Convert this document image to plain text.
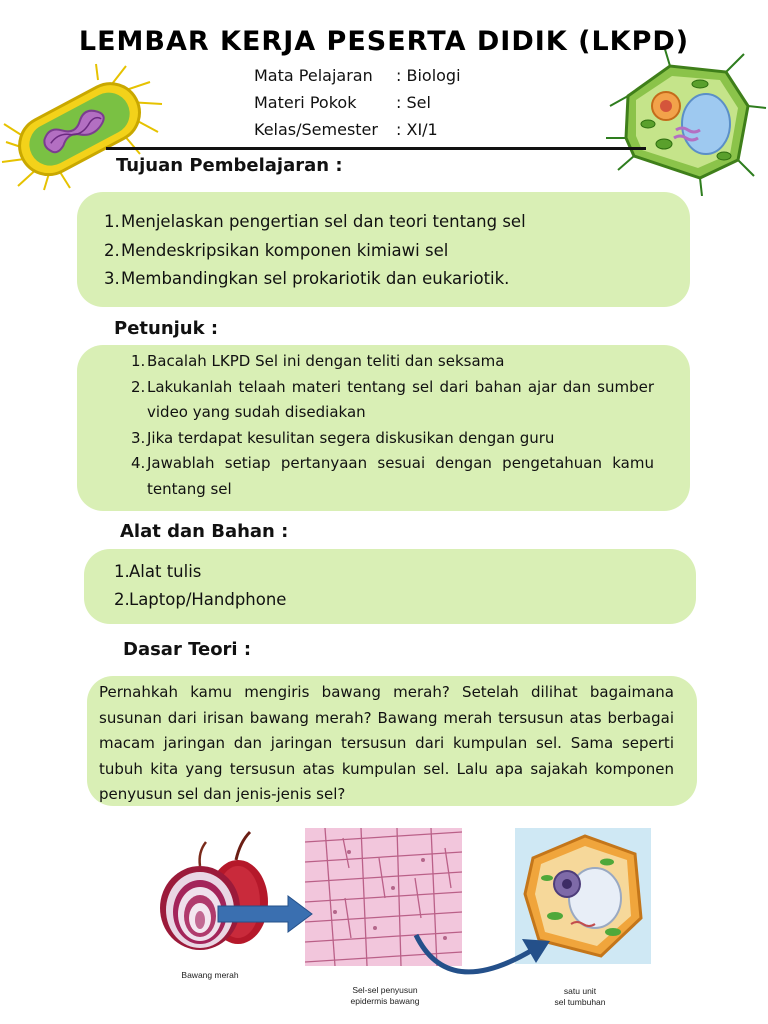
LEMBAR KERJA PESERTA DIDIK (LKPD)
Mata Pelajaran	: Biologi
Materi Pokok	: Sel
Kelas/Semester	: XI/1
Tujuan Pembelajaran :
1. Menjelaskan pengertian sel dan teori tentang sel
2. Mendeskripsikan komponen kimiawi sel
3. Membandingkan sel prokariotik dan eukariotik.
Petunjuk :
1. Bacalah LKPD Sel ini dengan teliti dan seksama
2. Lakukanlah telaah materi tentang sel dari bahan ajar dan sumber video yang sudah disediakan
3. Jika terdapat kesulitan segera diskusikan dengan guru
4. Jawablah setiap pertanyaan sesuai dengan pengetahuan kamu tentang sel
Alat dan Bahan :
1. Alat tulis
2. Laptop/Handphone
Dasar Teori :

Pernahkah kamu mengiris bawang merah? Setelah dilihat bagaimana susunan dari irisan bawang merah? Bawang merah tersusun atas berbagai macam jaringan dan jaringan tersusun dari kumpulan sel. Sama seperti tubuh kita yang tersusun atas kumpulan sel. Lalu apa sajakah komponen penyusun sel dan jenis-jenis sel?

Bawang merah
Sel-sel penyusun
epidermis bawang
satu unit
sel tumbuhan
